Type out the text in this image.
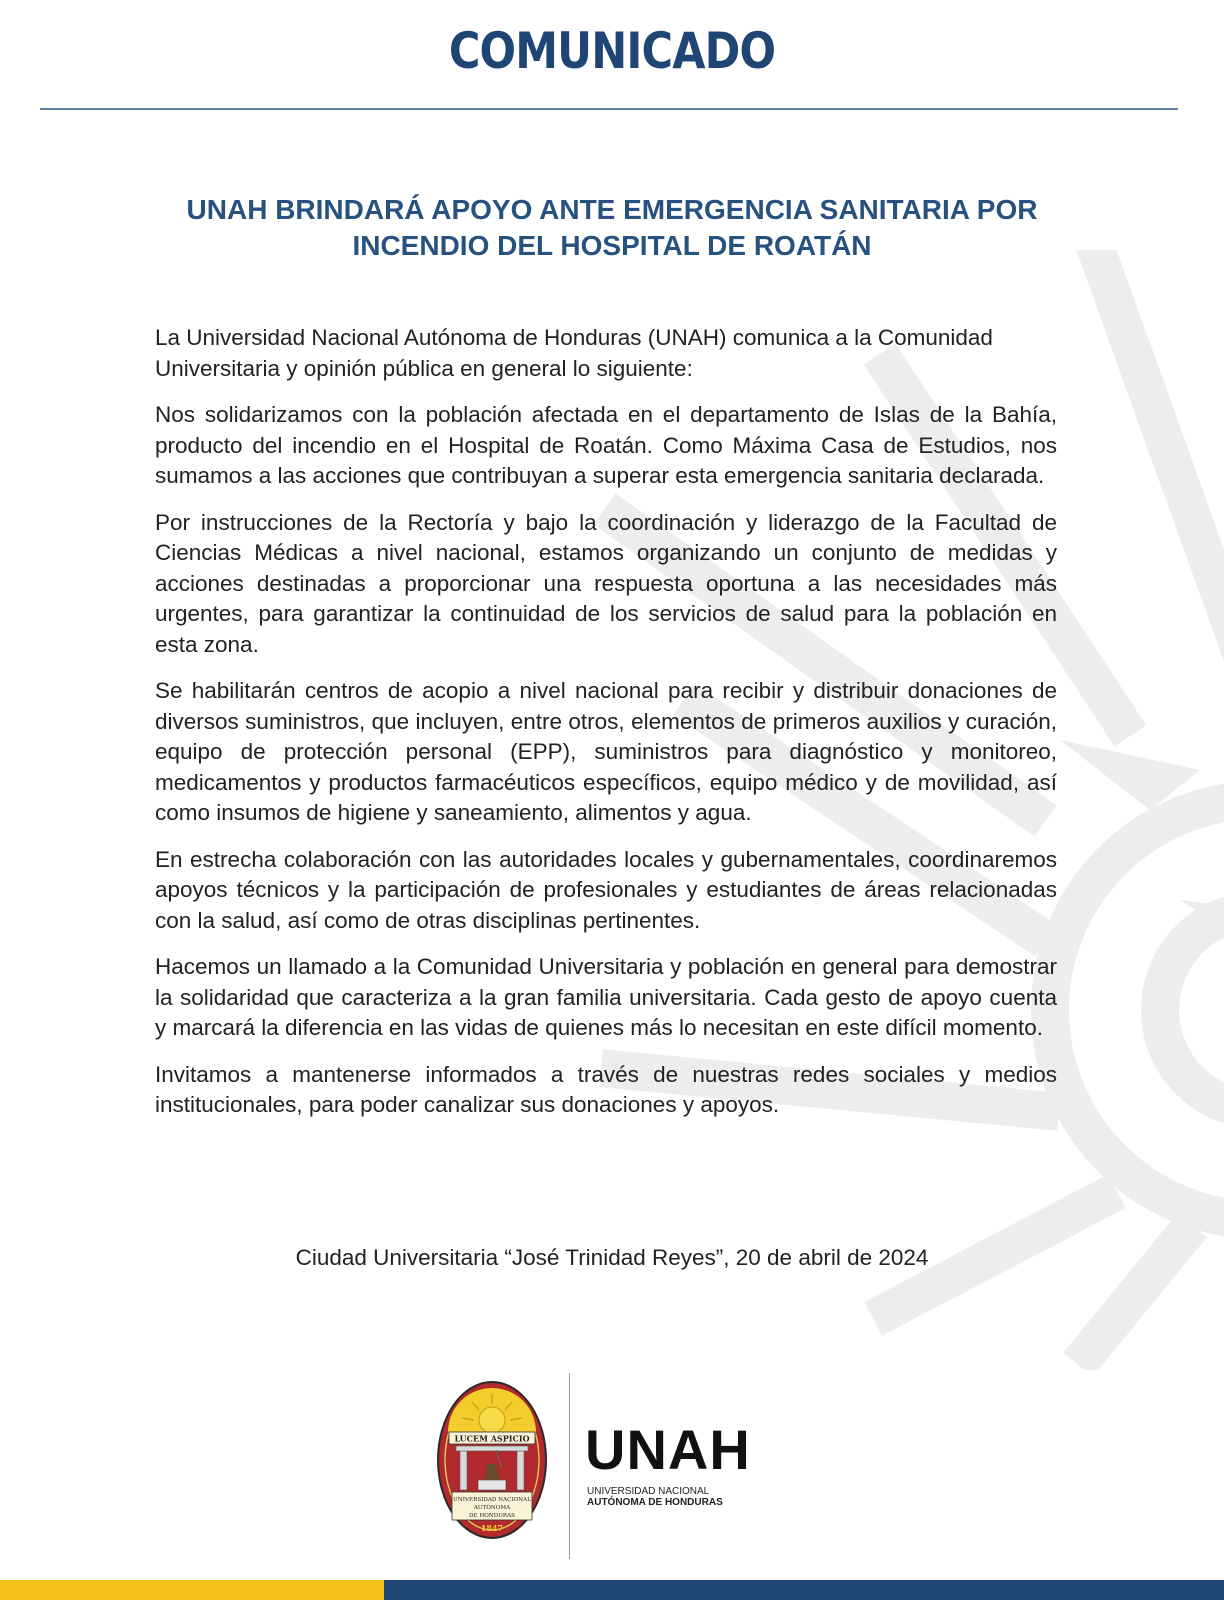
COMUNICADO
UNAH BRINDARÁ APOYO ANTE EMERGENCIA SANITARIA POR
INCENDIO DEL HOSPITAL DE ROATÁN

La Universidad Nacional Autónoma de Honduras (UNAH) comunica a la Comunidad Universitaria y opinión pública en general lo siguiente:

Nos solidarizamos con la población afectada en el departamento de Islas de la Bahía, producto del incendio en el Hospital de Roatán. Como Máxima Casa de Estudios, nos sumamos a las acciones que contribuyan a superar esta emergencia sanitaria declarada.

Por instrucciones de la Rectoría y bajo la coordinación y liderazgo de la Facultad de Ciencias Médicas a nivel nacional, estamos organizando un conjunto de medidas y acciones destinadas a proporcionar una respuesta oportuna a las necesidades más urgentes, para garantizar la continuidad de los servicios de salud para la población en esta zona.

Se habilitarán centros de acopio a nivel nacional para recibir y distribuir donaciones de diversos suministros, que incluyen, entre otros, elementos de primeros auxilios y curación, equipo de protección personal (EPP), suministros para diagnóstico y monitoreo, medicamentos y productos farmacéuticos específicos, equipo médico y de movilidad, así como insumos de higiene y saneamiento, alimentos y agua.

En estrecha colaboración con las autoridades locales y gubernamentales, coordinaremos apoyos técnicos y la participación de profesionales y estudiantes de áreas relacionadas con la salud, así como de otras disciplinas pertinentes.

Hacemos un llamado a la Comunidad Universitaria y población en general para demostrar la solidaridad que caracteriza a la gran familia universitaria. Cada gesto de apoyo cuenta y marcará la diferencia en las vidas de quienes más lo necesitan en este difícil momento.

Invitamos a mantenerse informados a través de nuestras redes sociales y medios institucionales, para poder canalizar sus donaciones y apoyos.

Ciudad Universitaria “José Trinidad Reyes”, 20 de abril de 2024
LUCEM ASPICIO
UNIVERSIDAD NACIONAL
AUTÓNOMA
DE HONDURAS
1847
UNAH
UNIVERSIDAD NACIONAL
AUTÓNOMA DE HONDURAS
